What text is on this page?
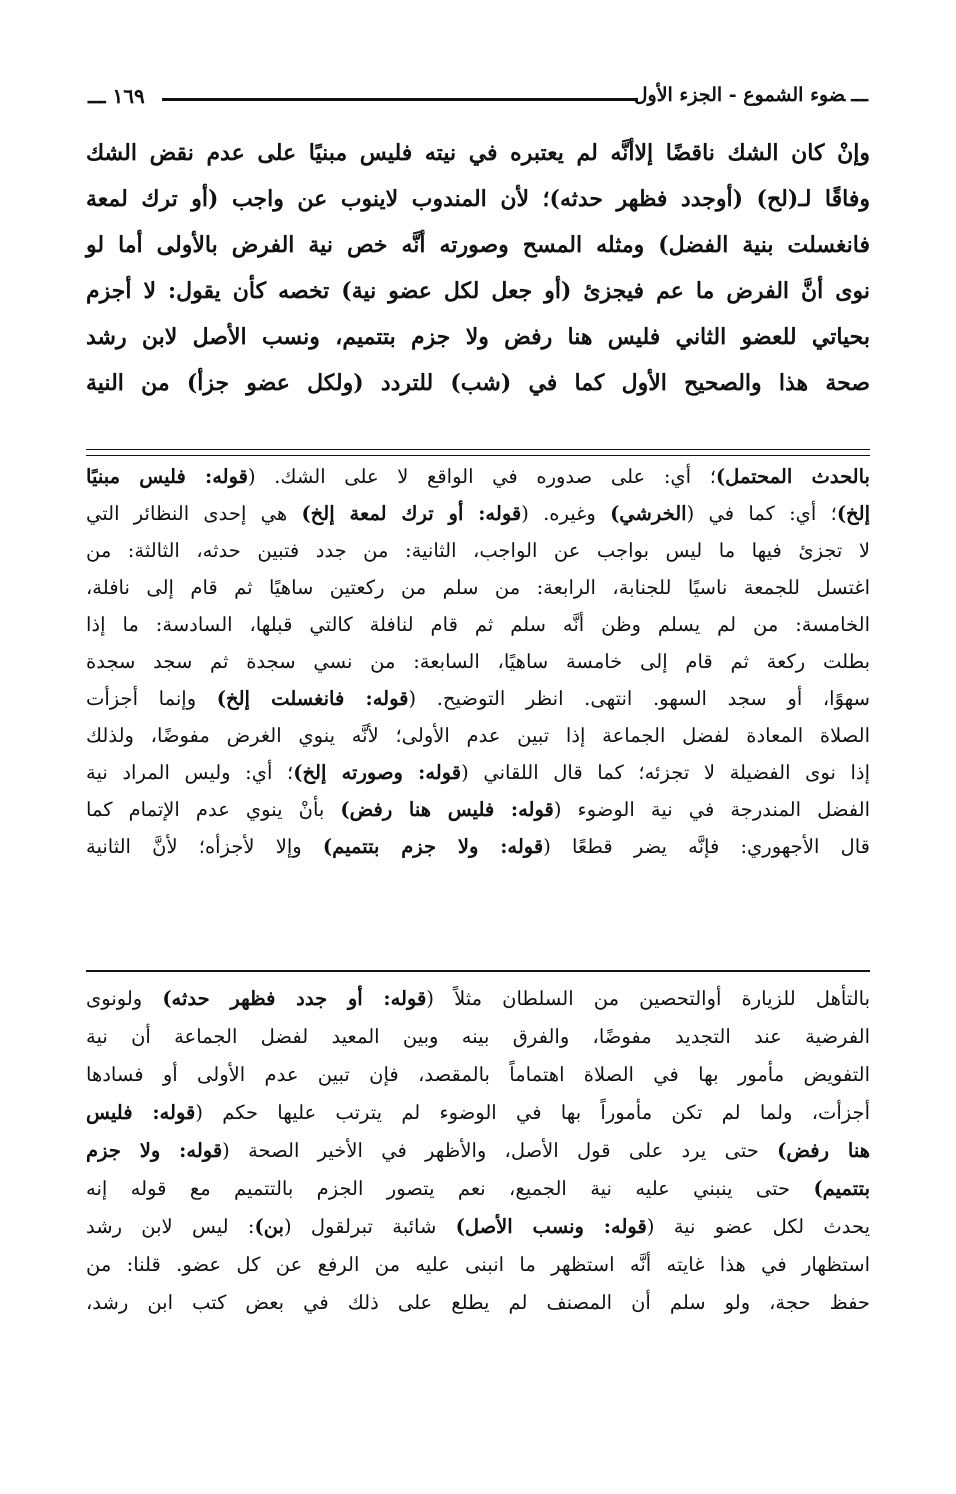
ـــضوء الشموع - الجزء الأول
١٦٩ ـــ

وإنْ كان الشك ناقضًا إلاأنَّه لم يعتبره في نيته فليس مبنيًا على عدم نقض الشك

وفاقًا لـ(لح) (أوجدد فظهر حدثه)؛ لأن المندوب لاينوب عن واجب (أو ترك لمعة

فانغسلت بنية الفضل) ومثله المسح وصورته أنَّه خص نية الفرض بالأولى أما لو

نوى أنَّ الفرض ما عم فيجزئ (أو جعل لكل عضو نية) تخصه كأن يقول: لا أجزم

بحياتي للعضو الثاني فليس هنا رفض ولا جزم بتتميم، ونسب الأصل لابن رشد

صحة هذا والصحيح الأول كما في (شب) للتردد (ولكل عضو جزأ) من النية

بالحدث المحتمل)؛ أي: على صدوره في الواقع لا على الشك. (قوله: فليس مبنيًا

إلخ)؛ أي: كما في (الخرشي) وغيره. (قوله: أو ترك لمعة إلخ) هي إحدى النظائر التي

لا تجزئ فيها ما ليس بواجب عن الواجب، الثانية: من جدد فتبين حدثه، الثالثة: من

اغتسل للجمعة ناسيًا للجنابة، الرابعة: من سلم من ركعتين ساهيًا ثم قام إلى نافلة،

الخامسة: من لم يسلم وظن أنَّه سلم ثم قام لنافلة كالتي قبلها، السادسة: ما إذا

بطلت ركعة ثم قام إلى خامسة ساهيًا، السابعة: من نسي سجدة ثم سجد سجدة

سهوًا، أو سجد السهو. انتهى. انظر التوضيح. (قوله: فانغسلت إلخ) وإنما أجزأت

الصلاة المعادة لفضل الجماعة إذا تبين عدم الأولى؛ لأنَّه ينوي الغرض مفوضًا، ولذلك

إذا نوى الفضيلة لا تجزئه؛ كما قال اللقاني (قوله: وصورته إلخ)؛ أي: وليس المراد نية

الفضل المندرجة في نية الوضوء (قوله: فليس هنا رفض) بأنْ ينوي عدم الإتمام كما

قال الأجهوري: فإنَّه يضر قطعًا (قوله: ولا جزم بتتميم) وإلا لأجزأه؛ لأنَّ الثانية

بالتأهل للزيارة أوالتحصين من السلطان مثلاً (قوله: أو جدد فظهر حدثه) ولونوى

الفرضية عند التجديد مفوضًا، والفرق بينه وبين المعيد لفضل الجماعة أن نية

التفويض مأمور بها في الصلاة اهتماماً بالمقصد، فإن تبين عدم الأولى أو فسادها

أجزأت، ولما لم تكن مأموراً بها في الوضوء لم يترتب عليها حكم (قوله: فليس

هنا رفض) حتى يرد على قول الأصل، والأظهر في الأخير الصحة (قوله: ولا جزم

بتتميم) حتى ينبني عليه نية الجميع، نعم يتصور الجزم بالتتميم مع قوله إنه

يحدث لكل عضو نية (قوله: ونسب الأصل) شائبة تبرلقول (بن): ليس لابن رشد

استظهار في هذا غايته أنَّه استظهر ما انبنى عليه من الرفع عن كل عضو. قلنا: من

حفظ حجة، ولو سلم أن المصنف لم يطلع على ذلك في بعض كتب ابن رشد،
